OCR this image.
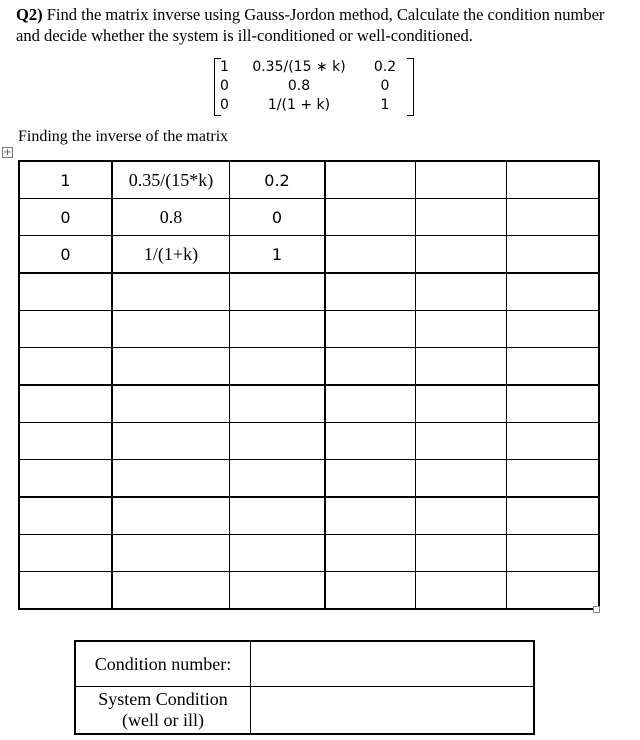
Q2) Find the matrix inverse using Gauss-Jordon method, Calculate the condition number and decide whether the system is ill-conditioned or well-conditioned.
1	0.35/(15 ∗ k)	0.2
0	0.8	0
0	1/(1 + k)	1
Finding the inverse of the matrix
+
1	0.35/(15*k)	0.2			
0	0.8	0			
0	1/(1+k)	1			

Condition number:	

System Condition
(well or ill)	
